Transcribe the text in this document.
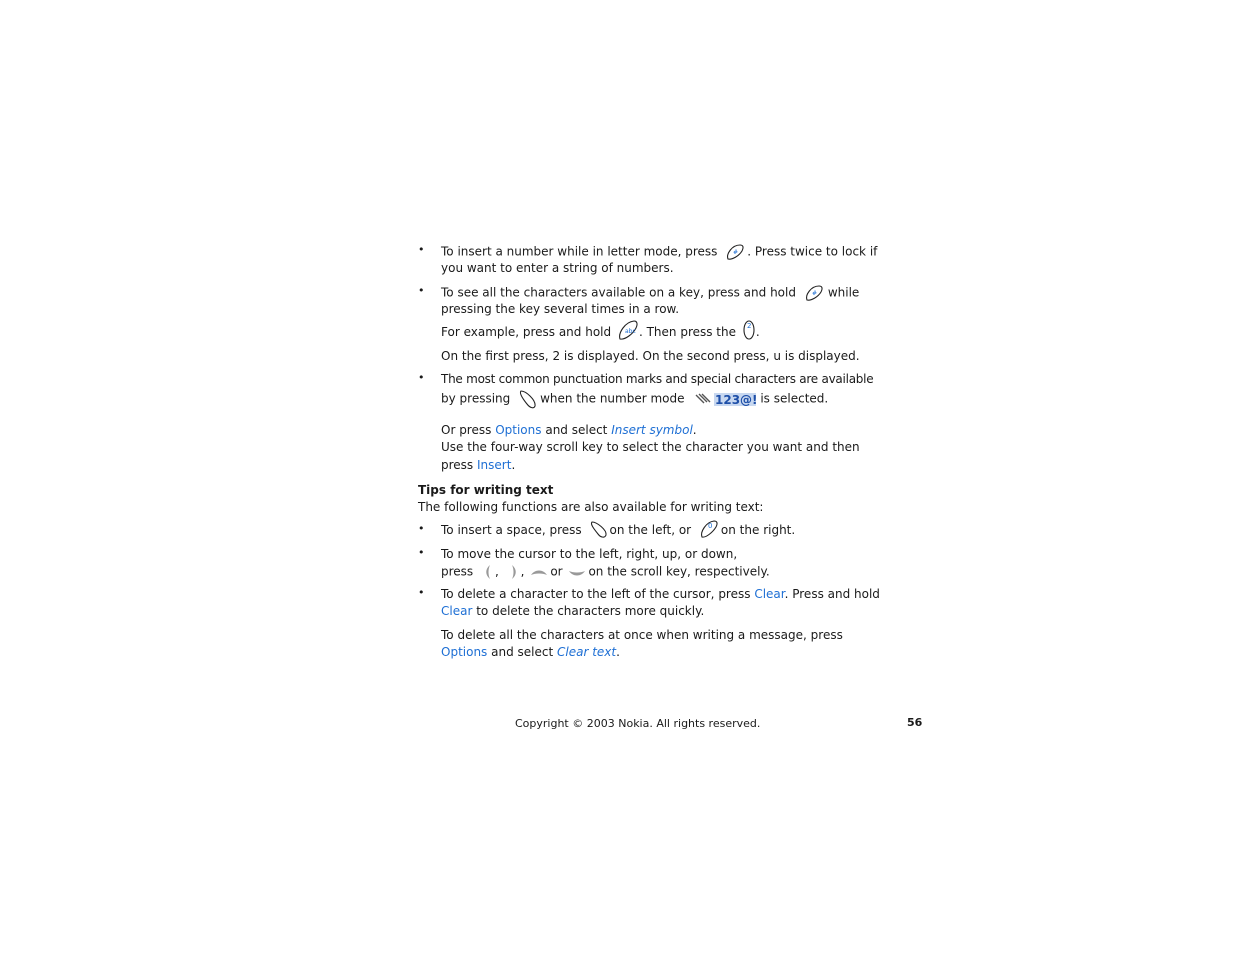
• To insert a number while in letter mode, press	# . Press twice to lock if
you want to enter a string of numbers.
• To see all the characters available on a key, press and hold	# while
pressing the key several times in a row.
For example, press and hold abc . Then press the 2 .
On the first press, 2 is displayed. On the second press, u is displayed.
• The most common punctuation marks and special characters are available
by pressing when the number mode	123@! is selected.
Or press Options and select Insert symbol.
Use the four-way scroll key to select the character you want and then
press Insert.
Tips for writing text
The following functions are also available for writing text:
• To insert a space, press on the left, or 0 on the right.
• To move the cursor to the left, right, up, or down,
press , , or on the scroll key, respectively.
• To delete a character to the left of the cursor, press Clear. Press and hold
Clear to delete the characters more quickly.
To delete all the characters at once when writing a message, press
Options and select Clear text.
Copyright © 2003 Nokia. All rights reserved.	56
